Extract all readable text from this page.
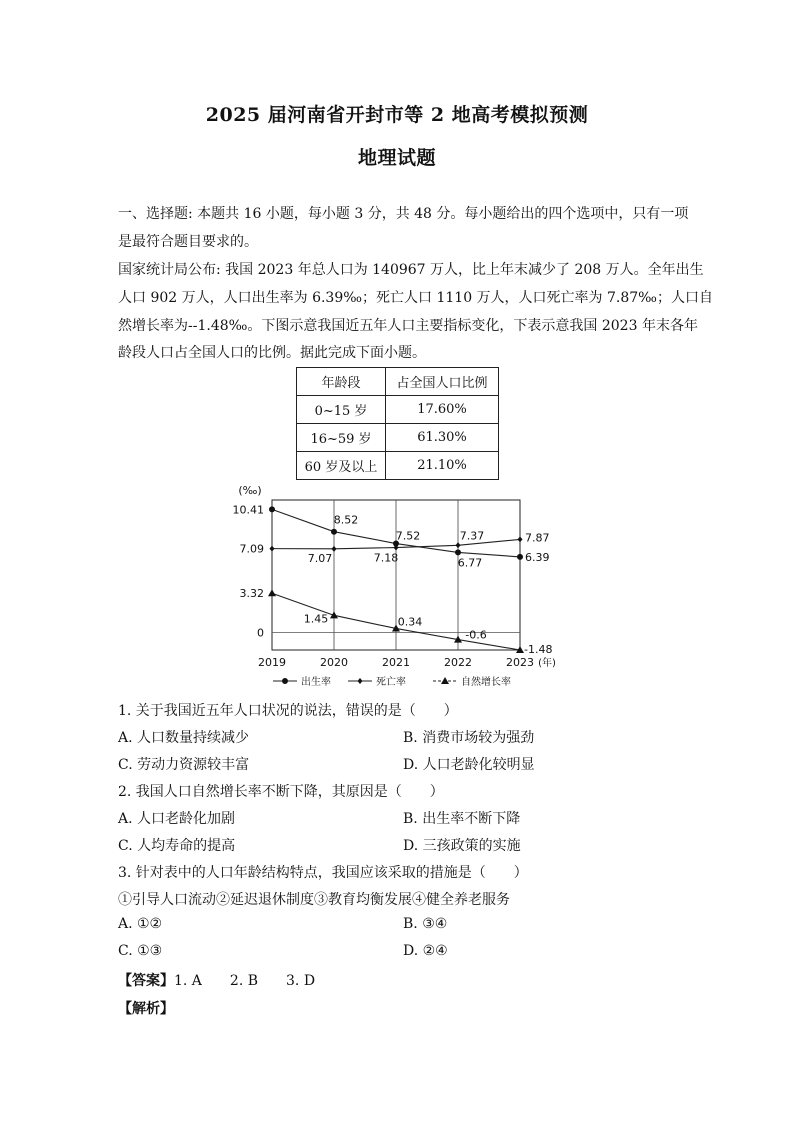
2025 届河南省开封市等 2 地高考模拟预测
地理试题
一、选择题: 本题共 16 小题，每小题 3 分，共 48 分。每小题给出的四个选项中，只有一项
是最符合题目要求的。
国家统计局公布: 我国 2023 年总人口为 140967 万人，比上年末减少了 208 万人。全年出生
人口 902 万人，人口出生率为 6.39‰；死亡人口 1110 万人，人口死亡率为 7.87‰；人口自
然增长率为--1.48‰。下图示意我国近五年人口主要指标变化，下表示意我国 2023 年末各年
龄段人口占全国人口的比例。据此完成下面小题。
年龄段	占全国人口比例
0~15 岁	17.60%
16~59 岁	61.30%
60 岁及以上	21.10%
(‰)
10.41
7.09
3.32
0
2019	2020	2021	2022	2023 (年)
8.52
7.52
6.77	6.39
7.07	7.18
7.37	7.87
1.45	0.34
-0.6
-1.48
出生率	死亡率	自然增长率
1. 关于我国近五年人口状况的说法，错误的是（　　）
A. 人口数量持续减少	B. 消费市场较为强劲
C. 劳动力资源较丰富	D. 人口老龄化较明显
2. 我国人口自然增长率不断下降，其原因是（　　）
A. 人口老龄化加剧	B. 出生率不断下降
C. 人均寿命的提高	D. 三孩政策的实施
3. 针对表中的人口年龄结构特点，我国应该采取的措施是（　　）
①引导人口流动②延迟退休制度③教育均衡发展④健全养老服务
A. ①②	B. ③④
C. ①③	D. ②④
【答案】1. A　　2. B　　3. D
【解析】
